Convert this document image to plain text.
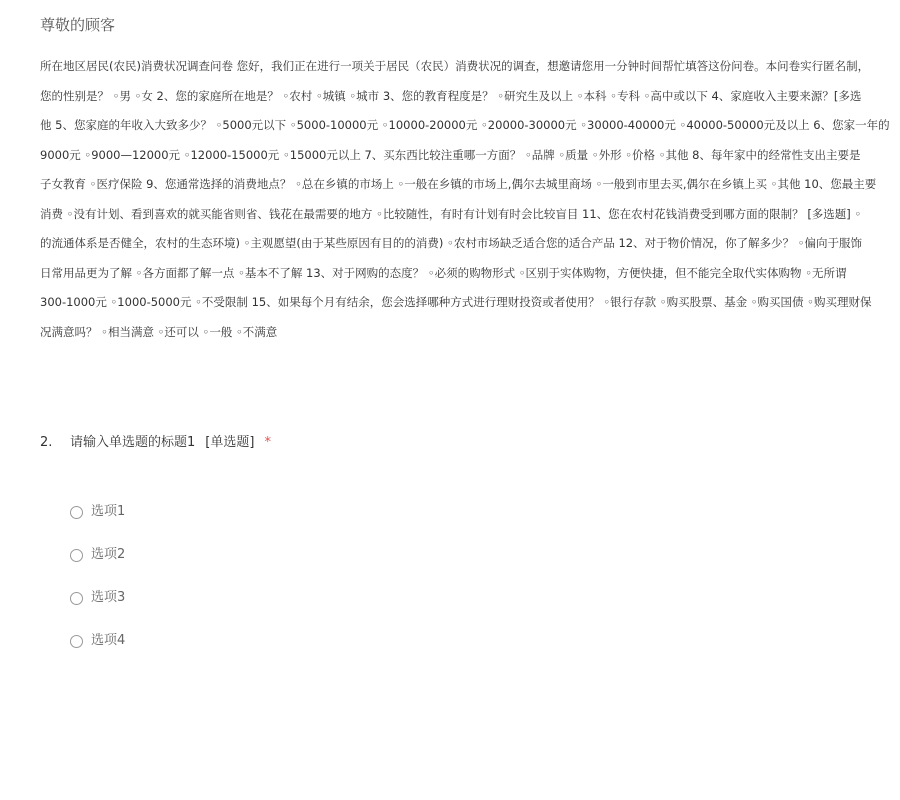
尊敬的顾客
所在地区居民(农民)消费状况调查问卷 您好，我们正在进行一项关于居民（农民）消费状况的调查，想邀请您用一分钟时间帮忙填答这份问卷。本问卷实行匿名制，
您的性别是？ ◦男 ◦女 2、您的家庭所在地是？ ◦农村 ◦城镇 ◦城市 3、您的教育程度是？ ◦研究生及以上 ◦本科 ◦专科 ◦高中或以下 4、家庭收入主要来源？[多选
他 5、您家庭的年收入大致多少？ ◦5000元以下 ◦5000-10000元 ◦10000-20000元 ◦20000-30000元 ◦30000-40000元 ◦40000-50000元及以上 6、您家一年的
9000元 ◦9000—12000元 ◦12000-15000元 ◦15000元以上 7、买东西比较注重哪一方面？ ◦品牌 ◦质量 ◦外形 ◦价格 ◦其他 8、每年家中的经常性支出主要是
子女教育 ◦医疗保险 9、您通常选择的消费地点？ ◦总在乡镇的市场上 ◦一般在乡镇的市场上,偶尔去城里商场 ◦一般到市里去买,偶尔在乡镇上买 ◦其他 10、您最主要
消费 ◦没有计划、看到喜欢的就买能省则省、钱花在最需要的地方 ◦比较随性，有时有计划有时会比较盲目 11、您在农村花钱消费受到哪方面的限制？ [多选题] ◦
的流通体系是否健全，农村的生态环境) ◦主观愿望(由于某些原因有目的的消费) ◦农村市场缺乏适合您的适合产品 12、对于物价情况，你了解多少？ ◦偏向于服饰
日常用品更为了解 ◦各方面都了解一点 ◦基本不了解 13、对于网购的态度？ ◦必须的购物形式 ◦区别于实体购物，方便快捷，但不能完全取代实体购物 ◦无所谓
300-1000元 ◦1000-5000元 ◦不受限制 15、如果每个月有结余，您会选择哪种方式进行理财投资或者使用？ ◦银行存款 ◦购买股票、基金 ◦购买国债 ◦购买理财保
况满意吗？ ◦相当满意 ◦还可以 ◦一般 ◦不满意
2. 请输入单选题的标题1 [单选题] *
选项1
选项2
选项3
选项4
